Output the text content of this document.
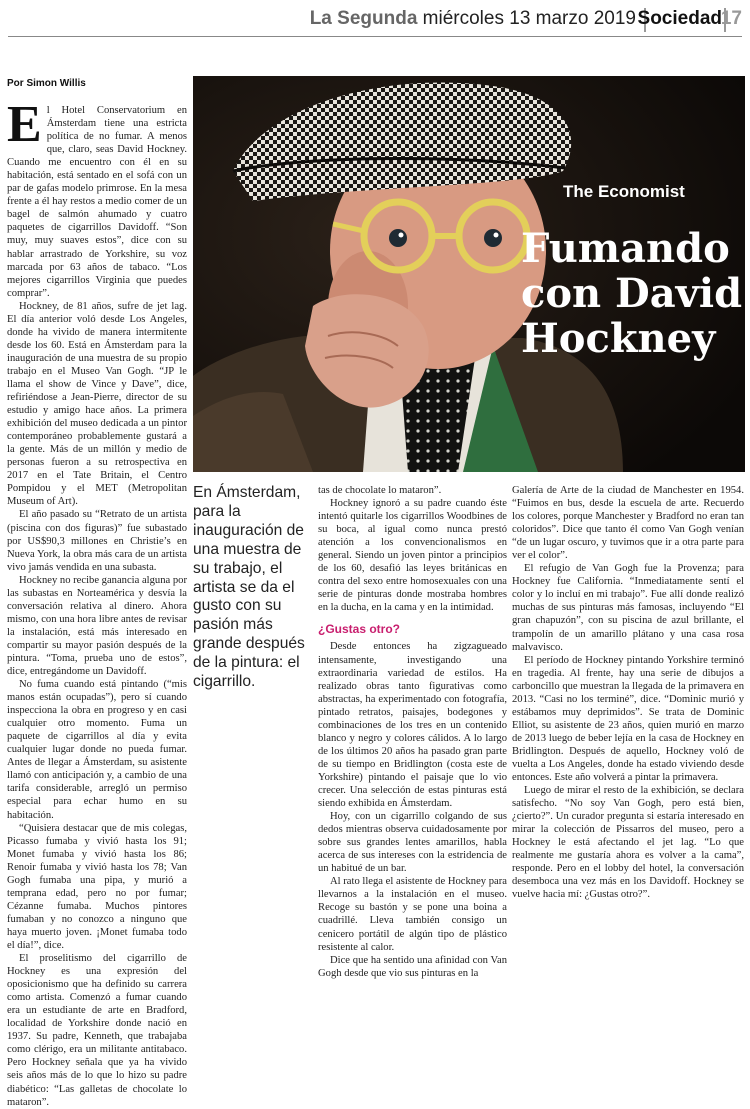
La Segunda miércoles 13 marzo 2019 Sociedad
17
Por Simon Willis

El Hotel Conservatorium en Ámsterdam tiene una estricta política de no fumar. A menos que, claro, seas David Hockney. Cuando me encuentro con él en su habitación, está sentado en el sofá con un par de gafas modelo primrose. En la mesa frente a él hay restos a medio comer de un bagel de salmón ahumado y cuatro paquetes de cigarrillos Davidoff. “Son muy, muy suaves estos”, dice con su hablar arrastrado de Yorkshire, su voz marcada por 63 años de tabaco. “Los mejores cigarrillos Virginia que puedes comprar”.

Hockney, de 81 años, sufre de jet lag. El día anterior voló desde Los Angeles, donde ha vivido de manera intermitente desde los 60. Está en Ámsterdam para la inauguración de una muestra de su propio trabajo en el Museo Van Gogh. “JP le llama el show de Vince y Dave”, dice, refiriéndose a Jean-Pierre, director de su estudio y amigo hace años. La primera exhibición del museo dedicada a un pintor contemporáneo probablemente gustará a la gente. Más de un millón y medio de personas fueron a su retrospectiva en 2017 en el Tate Britain, el Centro Pompidou y el MET (Metropolitan Museum of Art).

El año pasado su “Retrato de un artista (piscina con dos figuras)” fue subastado por US$90,3 millones en Christie’s en Nueva York, la obra más cara de un artista vivo jamás vendida en una subasta.

Hockney no recibe ganancia alguna por las subastas en Norteamérica y desvía la conversación relativa al dinero. Ahora mismo, con una hora libre antes de revisar la instalación, está más interesado en compartir su mayor pasión después de la pintura. “Toma, prueba uno de estos”, dice, entregándome un Davidoff.

No fuma cuando está pintando (“mis manos están ocupadas”), pero sí cuando inspecciona la obra en progreso y en casi cualquier otro momento. Fuma un paquete de cigarrillos al día y evita cualquier lugar donde no pueda fumar. Antes de llegar a Ámsterdam, su asistente llamó con anticipación y, a cambio de una tarifa considerable, arregló un permiso especial para echar humo en su habitación.

“Quisiera destacar que de mis colegas, Picasso fumaba y vivió hasta los 91; Monet fumaba y vivió hasta los 86; Renoir fumaba y vivió hasta los 78; Van Gogh fumaba una pipa, y murió a temprana edad, pero no por fumar; Cézanne fumaba. Muchos pintores fumaban y no conozco a ninguno que haya muerto joven. ¡Monet fumaba todo el día!”, dice.

El proselitismo del cigarrillo de Hockney es una expresión del oposicionismo que ha definido su carrera como artista. Comenzó a fumar cuando era un estudiante de arte en Bradford, localidad de Yorkshire donde nació en 1937. Su padre, Kenneth, que trabajaba como clérigo, era un militante antitabaco. Pero Hockney señala que ya ha vivido seis años más de lo que lo hizo su padre diabético: “Las galletas de chocolate lo mataron”.

The Economist
Fumando con David Hockney
En Ámsterdam, para la inauguración de una muestra de su trabajo, el artista se da el gusto con su pasión más grande después de la pintura: el cigarrillo.

tas de chocolate lo mataron”.

Hockney ignoró a su padre cuando éste intentó quitarle los cigarrillos Woodbines de su boca, al igual como nunca prestó atención a los convencionalismos en general. Siendo un joven pintor a principios de los 60, desafió las leyes británicas en contra del sexo entre homosexuales con una serie de pinturas donde mostraba hombres en la ducha, en la cama y en la intimidad.

¿Gustas otro?

Desde entonces ha zigzagueado intensamente, investigando una extraordinaria variedad de estilos. Ha realizado obras tanto figurativas como abstractas, ha experimentado con fotografía, pintado retratos, paisajes, bodegones y combinaciones de los tres en un contenido blanco y negro y colores cálidos. A lo largo de los últimos 20 años ha pasado gran parte de su tiempo en Bridlington (costa este de Yorkshire) pintando el paisaje que lo vio crecer. Una selección de estas pinturas está siendo exhibida en Ámsterdam.

Hoy, con un cigarrillo colgando de sus dedos mientras observa cuidadosamente por sobre sus grandes lentes amarillos, habla acerca de sus intereses con la estridencia de un habitué de un bar.

Al rato llega el asistente de Hockney para llevarnos a la instalación en el museo. Recoge su bastón y se pone una boina a cuadrillé. Lleva también consigo un cenicero portátil de algún tipo de plástico resistente al calor.

Dice que ha sentido una afinidad con Van Gogh desde que vio sus pinturas en la

Galería de Arte de la ciudad de Manchester en 1954. “Fuimos en bus, desde la escuela de arte. Recuerdo los colores, porque Manchester y Bradford no eran tan coloridos”. Dice que tanto él como Van Gogh venían “de un lugar oscuro, y tuvimos que ir a otra parte para ver el color”.

El refugio de Van Gogh fue la Provenza; para Hockney fue California. “Inmediatamente sentí el color y lo incluí en mi trabajo”. Fue allí donde realizó muchas de sus pinturas más famosas, incluyendo “El gran chapuzón”, con su piscina de azul brillante, el trampolín de un amarillo plátano y una casa rosa malvavisco.

El período de Hockney pintando Yorkshire terminó en tragedia. Al frente, hay una serie de dibujos a carboncillo que muestran la llegada de la primavera en 2013. “Casi no los terminé”, dice. “Dominic murió y estábamos muy deprimidos”. Se trata de Dominic Elliot, su asistente de 23 años, quien murió en marzo de 2013 luego de beber lejía en la casa de Hockney en Bridlington. Después de aquello, Hockney voló de vuelta a Los Angeles, donde ha estado viviendo desde entonces. Este año volverá a pintar la primavera.

Luego de mirar el resto de la exhibición, se declara satisfecho. “No soy Van Gogh, pero está bien, ¿cierto?”. Un curador pregunta si estaría interesado en mirar la colección de Pissarros del museo, pero a Hockney le está afectando el jet lag. “Lo que realmente me gustaría ahora es volver a la cama”, responde. Pero en el lobby del hotel, la conversación desemboca una vez más en los Davidoff. Hockney se vuelve hacia mí: ¿Gustas otro?”.
